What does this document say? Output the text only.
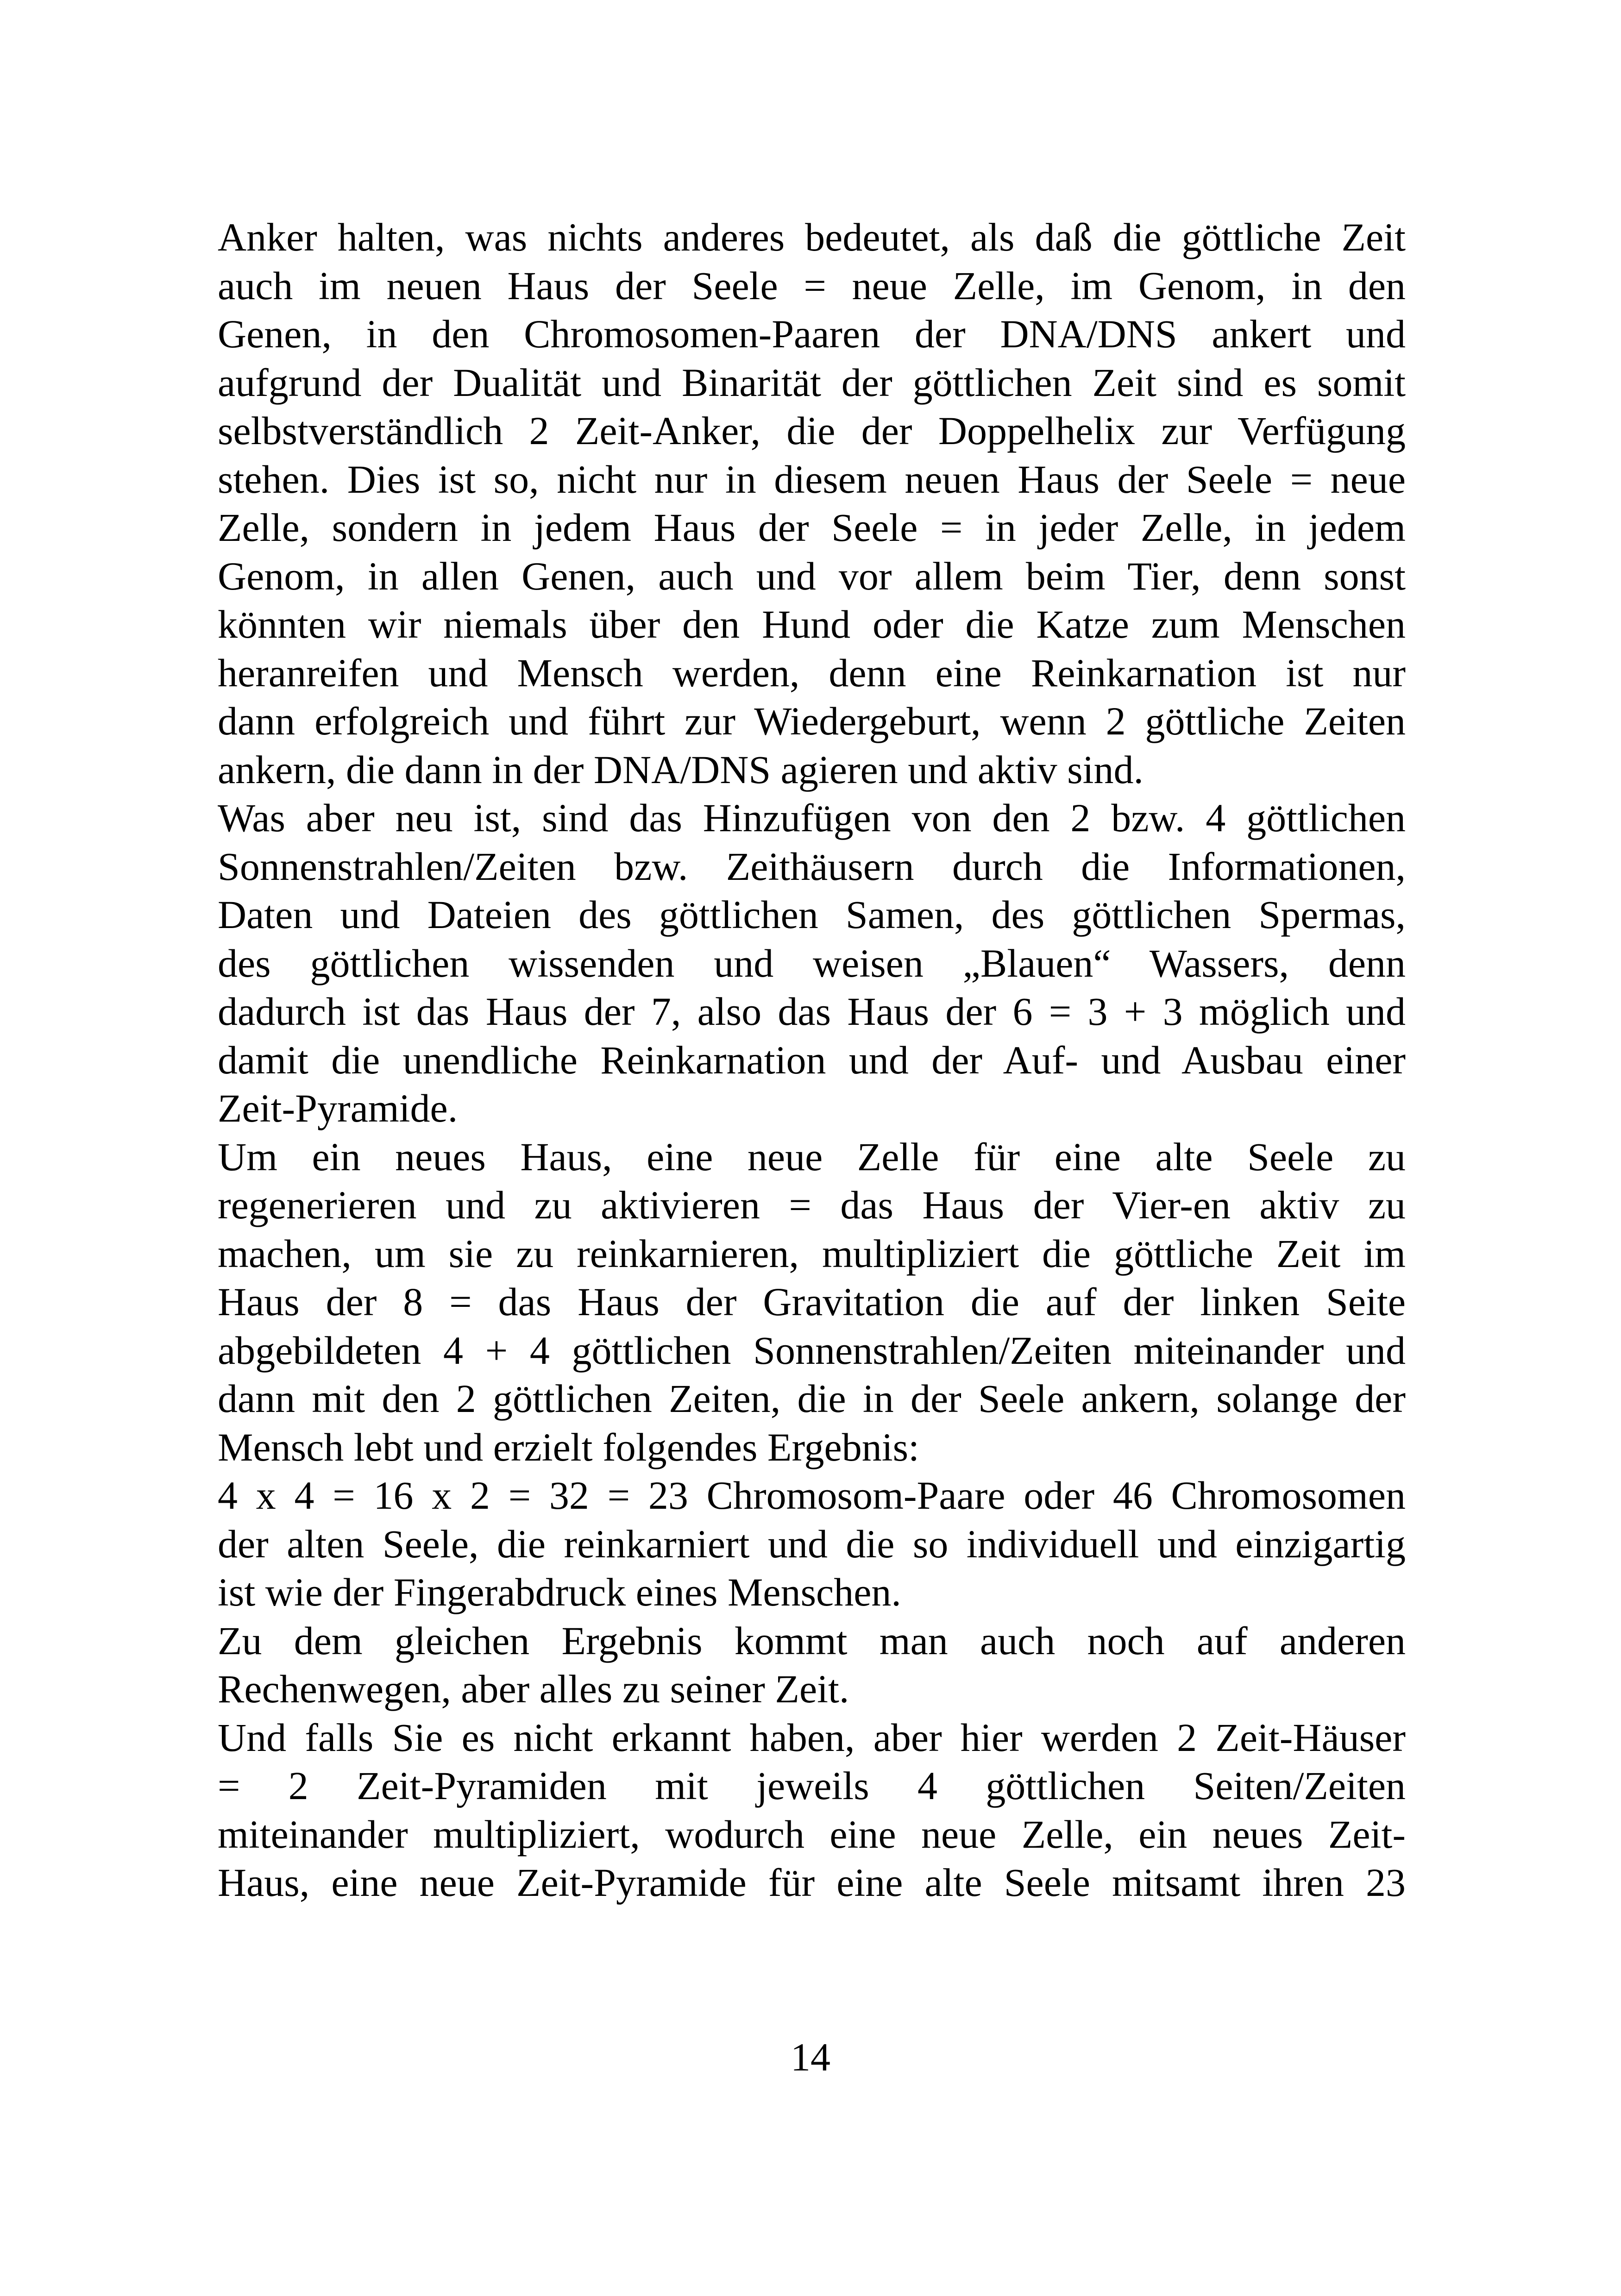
Anker halten, was nichts anderes bedeutet, als daß die göttliche Zeit
auch im neuen Haus der Seele = neue Zelle, im Genom, in den
Genen, in den Chromosomen-Paaren der DNA/DNS ankert und
aufgrund der Dualität und Binarität der göttlichen Zeit sind es somit
selbstverständlich 2 Zeit-Anker, die der Doppelhelix zur Verfügung
stehen. Dies ist so, nicht nur in diesem neuen Haus der Seele = neue
Zelle, sondern in jedem Haus der Seele = in jeder Zelle, in jedem
Genom, in allen Genen, auch und vor allem beim Tier, denn sonst
könnten wir niemals über den Hund oder die Katze zum Menschen
heranreifen und Mensch werden, denn eine Reinkarnation ist nur
dann erfolgreich und führt zur Wiedergeburt, wenn 2 göttliche Zeiten
ankern, die dann in der DNA/DNS agieren und aktiv sind.
Was aber neu ist, sind das Hinzufügen von den 2 bzw. 4 göttlichen
Sonnenstrahlen/Zeiten bzw. Zeithäusern durch die Informationen,
Daten und Dateien des göttlichen Samen, des göttlichen Spermas,
des göttlichen wissenden und weisen „Blauen“ Wassers, denn
dadurch ist das Haus der 7, also das Haus der 6 = 3 + 3 möglich und
damit die unendliche Reinkarnation und der Auf- und Ausbau einer
Zeit-Pyramide.
Um ein neues Haus, eine neue Zelle für eine alte Seele zu
regenerieren und zu aktivieren = das Haus der Vier-en aktiv zu
machen, um sie zu reinkarnieren, multipliziert die göttliche Zeit im
Haus der 8 = das Haus der Gravitation die auf der linken Seite
abgebildeten 4 + 4 göttlichen Sonnenstrahlen/Zeiten miteinander und
dann mit den 2 göttlichen Zeiten, die in der Seele ankern, solange der
Mensch lebt und erzielt folgendes Ergebnis:
4 x 4 = 16 x 2 = 32 = 23 Chromosom-Paare oder 46 Chromosomen
der alten Seele, die reinkarniert und die so individuell und einzigartig
ist wie der Fingerabdruck eines Menschen.
Zu dem gleichen Ergebnis kommt man auch noch auf anderen
Rechenwegen, aber alles zu seiner Zeit.
Und falls Sie es nicht erkannt haben, aber hier werden 2 Zeit-Häuser
= 2 Zeit-Pyramiden mit jeweils 4 göttlichen Seiten/Zeiten
miteinander multipliziert, wodurch eine neue Zelle, ein neues Zeit-
Haus, eine neue Zeit-Pyramide für eine alte Seele mitsamt ihren 23
14
